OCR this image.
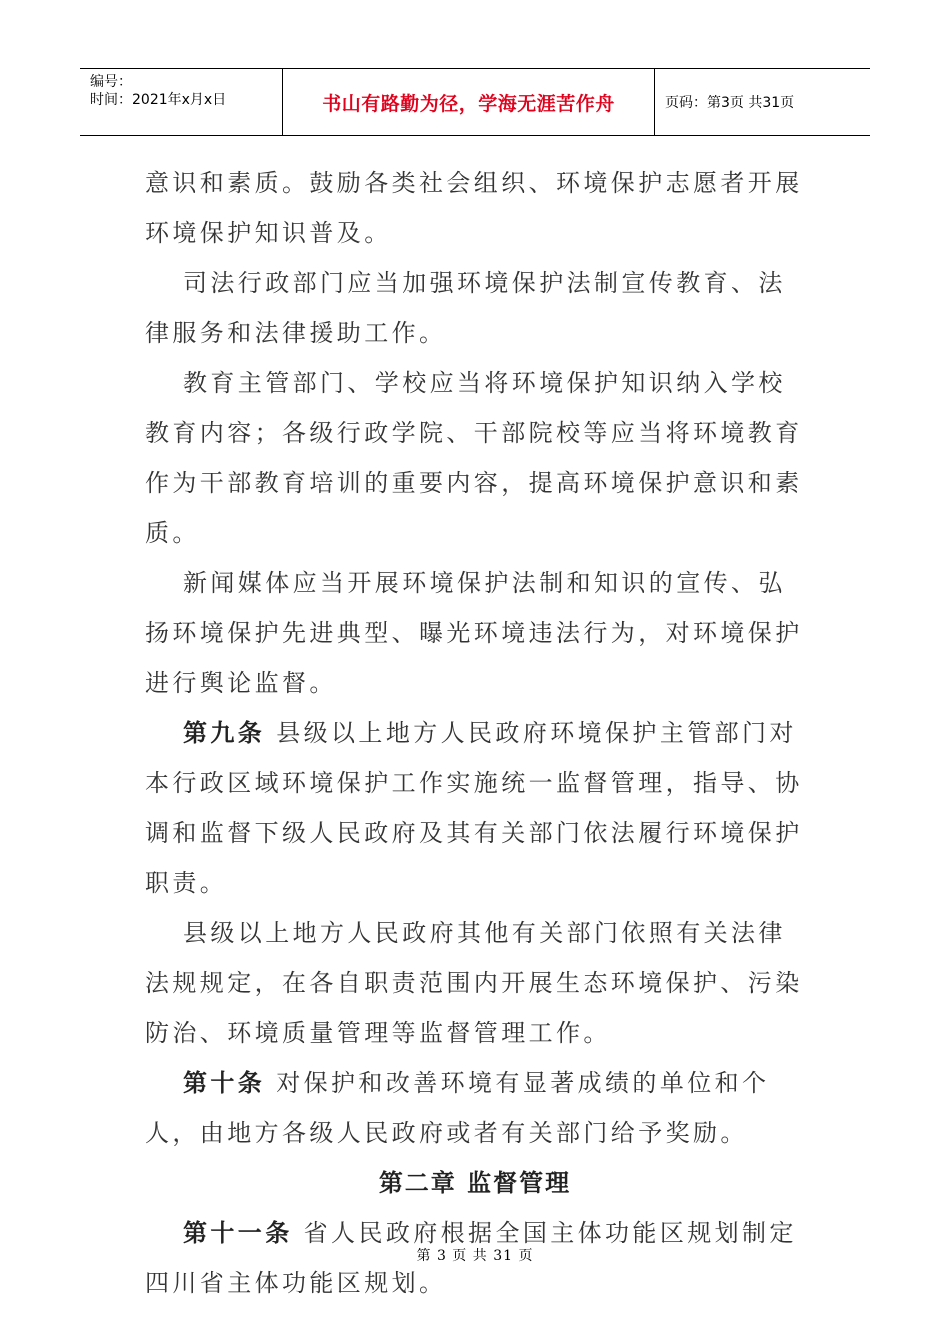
编号：
时间：2021年x月x日	书山有路勤为径，学海无涯苦作舟	页码：第3页 共31页

意识和素质。鼓励各类社会组织、环境保护志愿者开展环境保护知识普及。

司法行政部门应当加强环境保护法制宣传教育、法律服务和法律援助工作。

教育主管部门、学校应当将环境保护知识纳入学校教育内容；各级行政学院、干部院校等应当将环境教育作为干部教育培训的重要内容，提高环境保护意识和素质。

新闻媒体应当开展环境保护法制和知识的宣传、弘扬环境保护先进典型、曝光环境违法行为，对环境保护进行舆论监督。

第九条 县级以上地方人民政府环境保护主管部门对本行政区域环境保护工作实施统一监督管理，指导、协调和监督下级人民政府及其有关部门依法履行环境保护职责。

县级以上地方人民政府其他有关部门依照有关法律法规规定，在各自职责范围内开展生态环境保护、污染防治、环境质量管理等监督管理工作。

第十条 对保护和改善环境有显著成绩的单位和个人，由地方各级人民政府或者有关部门给予奖励。

第二章 监督管理

第十一条 省人民政府根据全国主体功能区规划制定四川省主体功能区规划。

第 3 页 共 31 页
